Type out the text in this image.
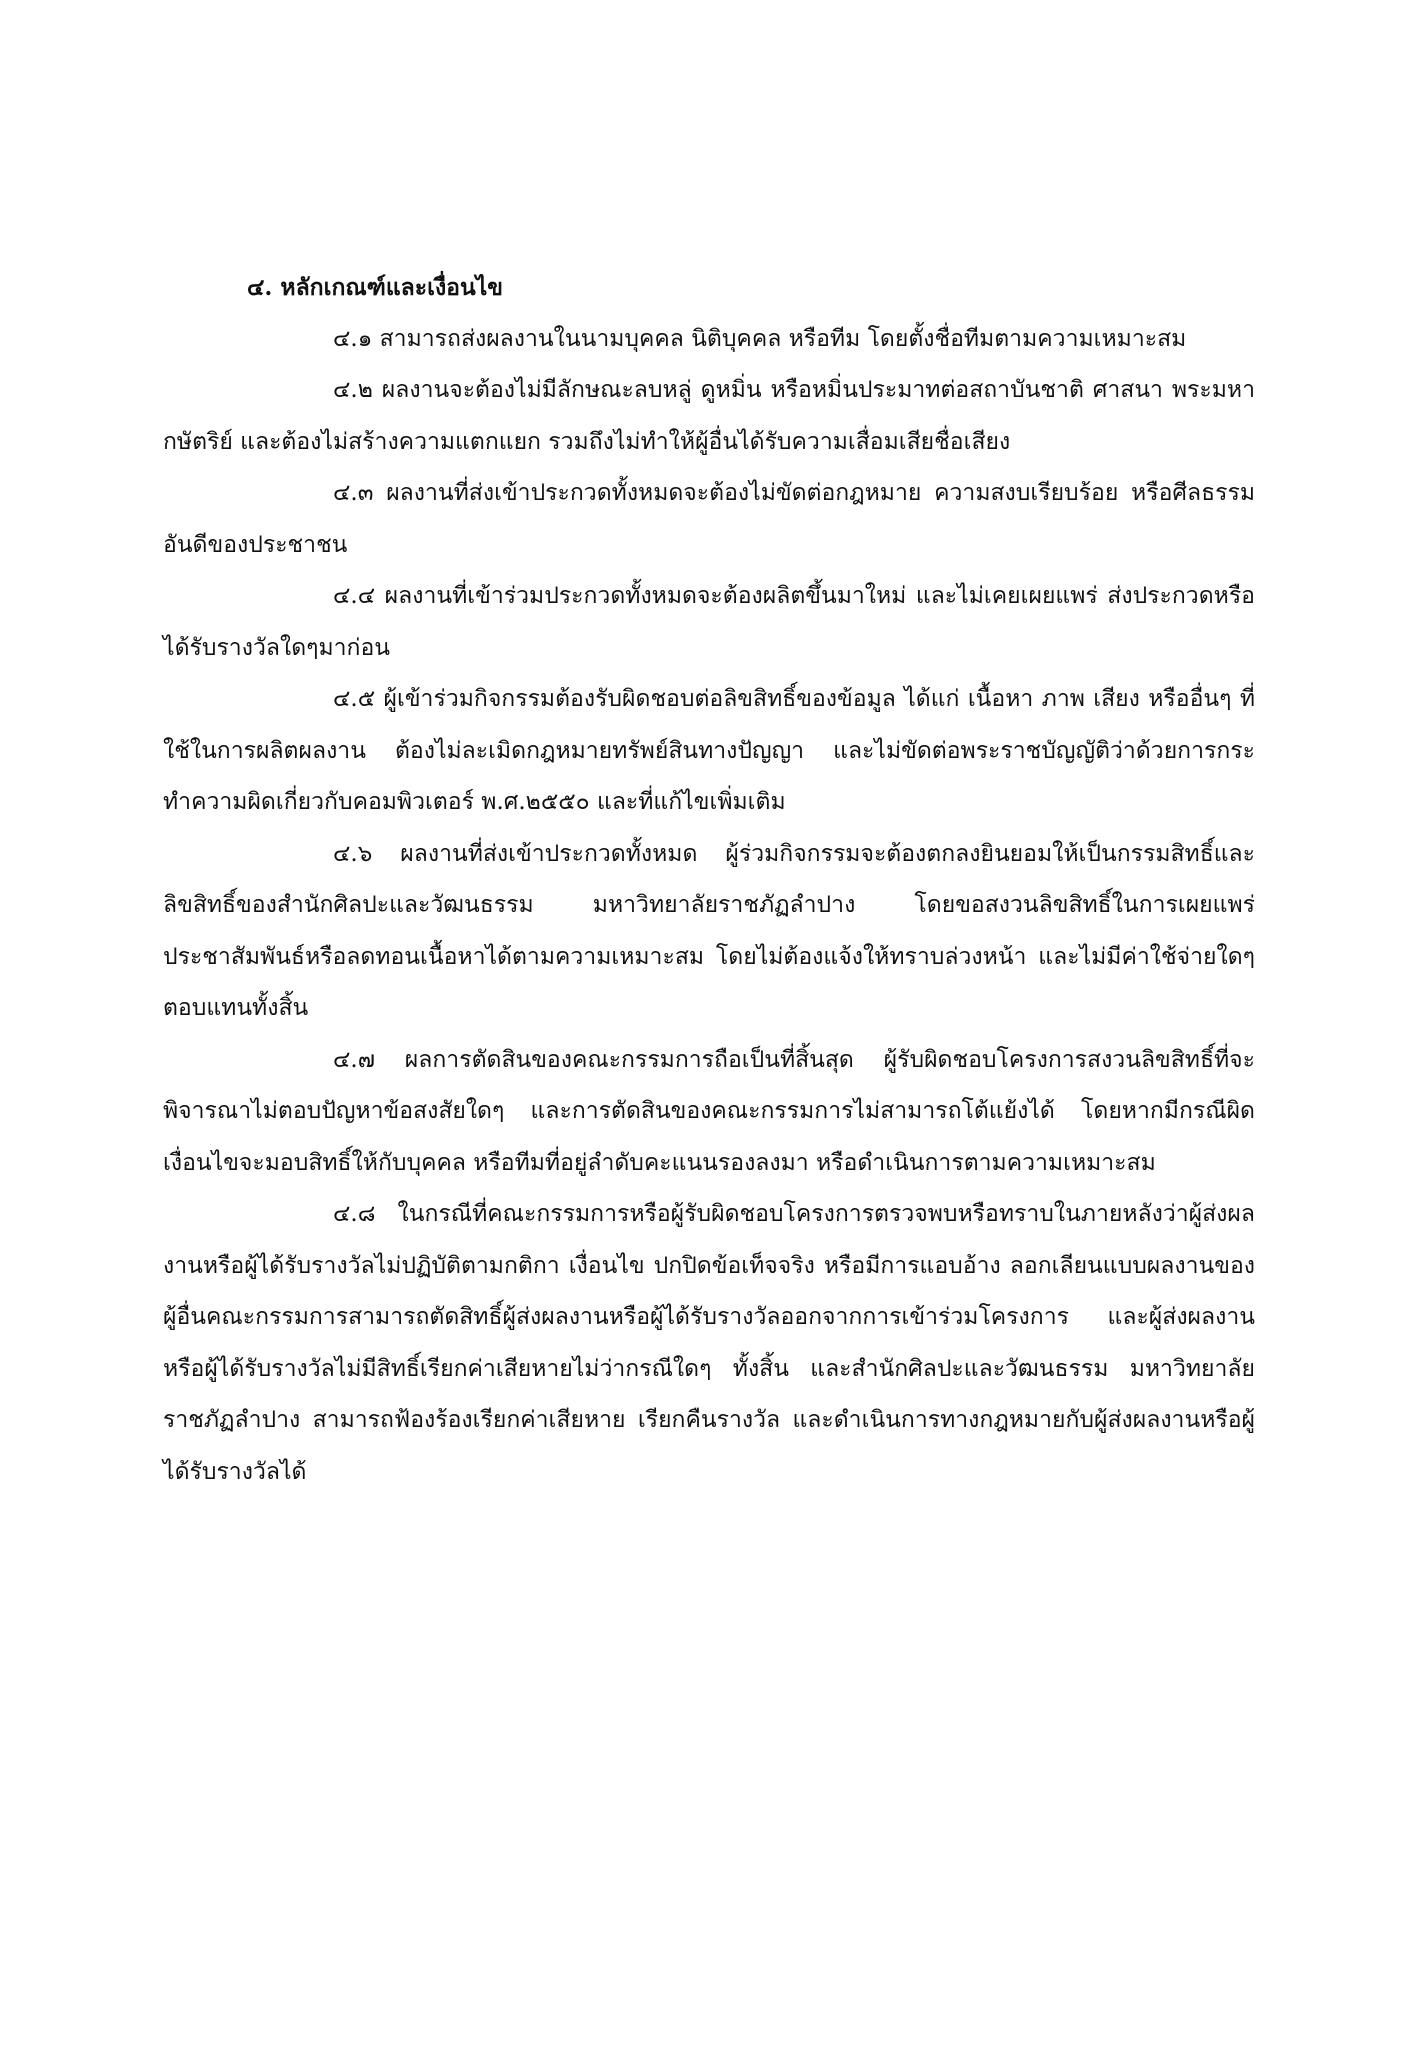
๔. หลักเกณฑ์และเงื่อนไข

๔.๑ สามารถส่งผลงานในนามบุคคล นิติบุคคล หรือทีม โดยตั้งชื่อทีมตามความเหมาะสม

๔.๒ ผลงานจะต้องไม่มีลักษณะลบหลู่ ดูหมิ่น หรือหมิ่นประมาทต่อสถาบันชาติ ศาสนา พระมหากษัตริย์ และต้องไม่สร้างความแตกแยก รวมถึงไม่ทำให้ผู้อื่นได้รับความเสื่อมเสียชื่อเสียง

๔.๓ ผลงานที่ส่งเข้าประกวดทั้งหมดจะต้องไม่ขัดต่อกฎหมาย ความสงบเรียบร้อย หรือศีลธรรมอันดีของประชาชน

๔.๔ ผลงานที่เข้าร่วมประกวดทั้งหมดจะต้องผลิตขึ้นมาใหม่ และไม่เคยเผยแพร่ ส่งประกวดหรือได้รับรางวัลใดๆมาก่อน

๔.๕ ผู้เข้าร่วมกิจกรรมต้องรับผิดชอบต่อลิขสิทธิ์ของข้อมูล ได้แก่ เนื้อหา ภาพ เสียง หรืออื่นๆ ที่ใช้ในการผลิตผลงาน ต้องไม่ละเมิดกฎหมายทรัพย์สินทางปัญญา และไม่ขัดต่อพระราชบัญญัติว่าด้วยการกระทำความผิดเกี่ยวกับคอมพิวเตอร์ พ.ศ.๒๕๕๐ และที่แก้ไขเพิ่มเติม

๔.๖ ผลงานที่ส่งเข้าประกวดทั้งหมด ผู้ร่วมกิจกรรมจะต้องตกลงยินยอมให้เป็นกรรมสิทธิ์และลิขสิทธิ์ของสำนักศิลปะและวัฒนธรรม มหาวิทยาลัยราชภัฏลำปาง โดยขอสงวนลิขสิทธิ์ในการเผยแพร่ประชาสัมพันธ์หรือลดทอนเนื้อหาได้ตามความเหมาะสม โดยไม่ต้องแจ้งให้ทราบล่วงหน้า และไม่มีค่าใช้จ่ายใดๆตอบแทนทั้งสิ้น

๔.๗ ผลการตัดสินของคณะกรรมการถือเป็นที่สิ้นสุด ผู้รับผิดชอบโครงการสงวนลิขสิทธิ์ที่จะพิจารณาไม่ตอบปัญหาข้อสงสัยใดๆ และการตัดสินของคณะกรรมการไม่สามารถโต้แย้งได้ โดยหากมีกรณีผิดเงื่อนไขจะมอบสิทธิ์ให้กับบุคคล หรือทีมที่อยู่ลำดับคะแนนรองลงมา หรือดำเนินการตามความเหมาะสม

๔.๘ ในกรณีที่คณะกรรมการหรือผู้รับผิดชอบโครงการตรวจพบหรือทราบในภายหลังว่าผู้ส่งผลงานหรือผู้ได้รับรางวัลไม่ปฏิบัติตามกติกา เงื่อนไข ปกปิดข้อเท็จจริง หรือมีการแอบอ้าง ลอกเลียนแบบผลงานของผู้อื่นคณะกรรมการสามารถตัดสิทธิ์ผู้ส่งผลงานหรือผู้ได้รับรางวัลออกจากการเข้าร่วมโครงการ และผู้ส่งผลงานหรือผู้ได้รับรางวัลไม่มีสิทธิ์เรียกค่าเสียหายไม่ว่ากรณีใดๆ ทั้งสิ้น และสำนักศิลปะและวัฒนธรรม มหาวิทยาลัยราชภัฏลำปาง สามารถฟ้องร้องเรียกค่าเสียหาย เรียกคืนรางวัล และดำเนินการทางกฎหมายกับผู้ส่งผลงานหรือผู้ได้รับรางวัลได้
